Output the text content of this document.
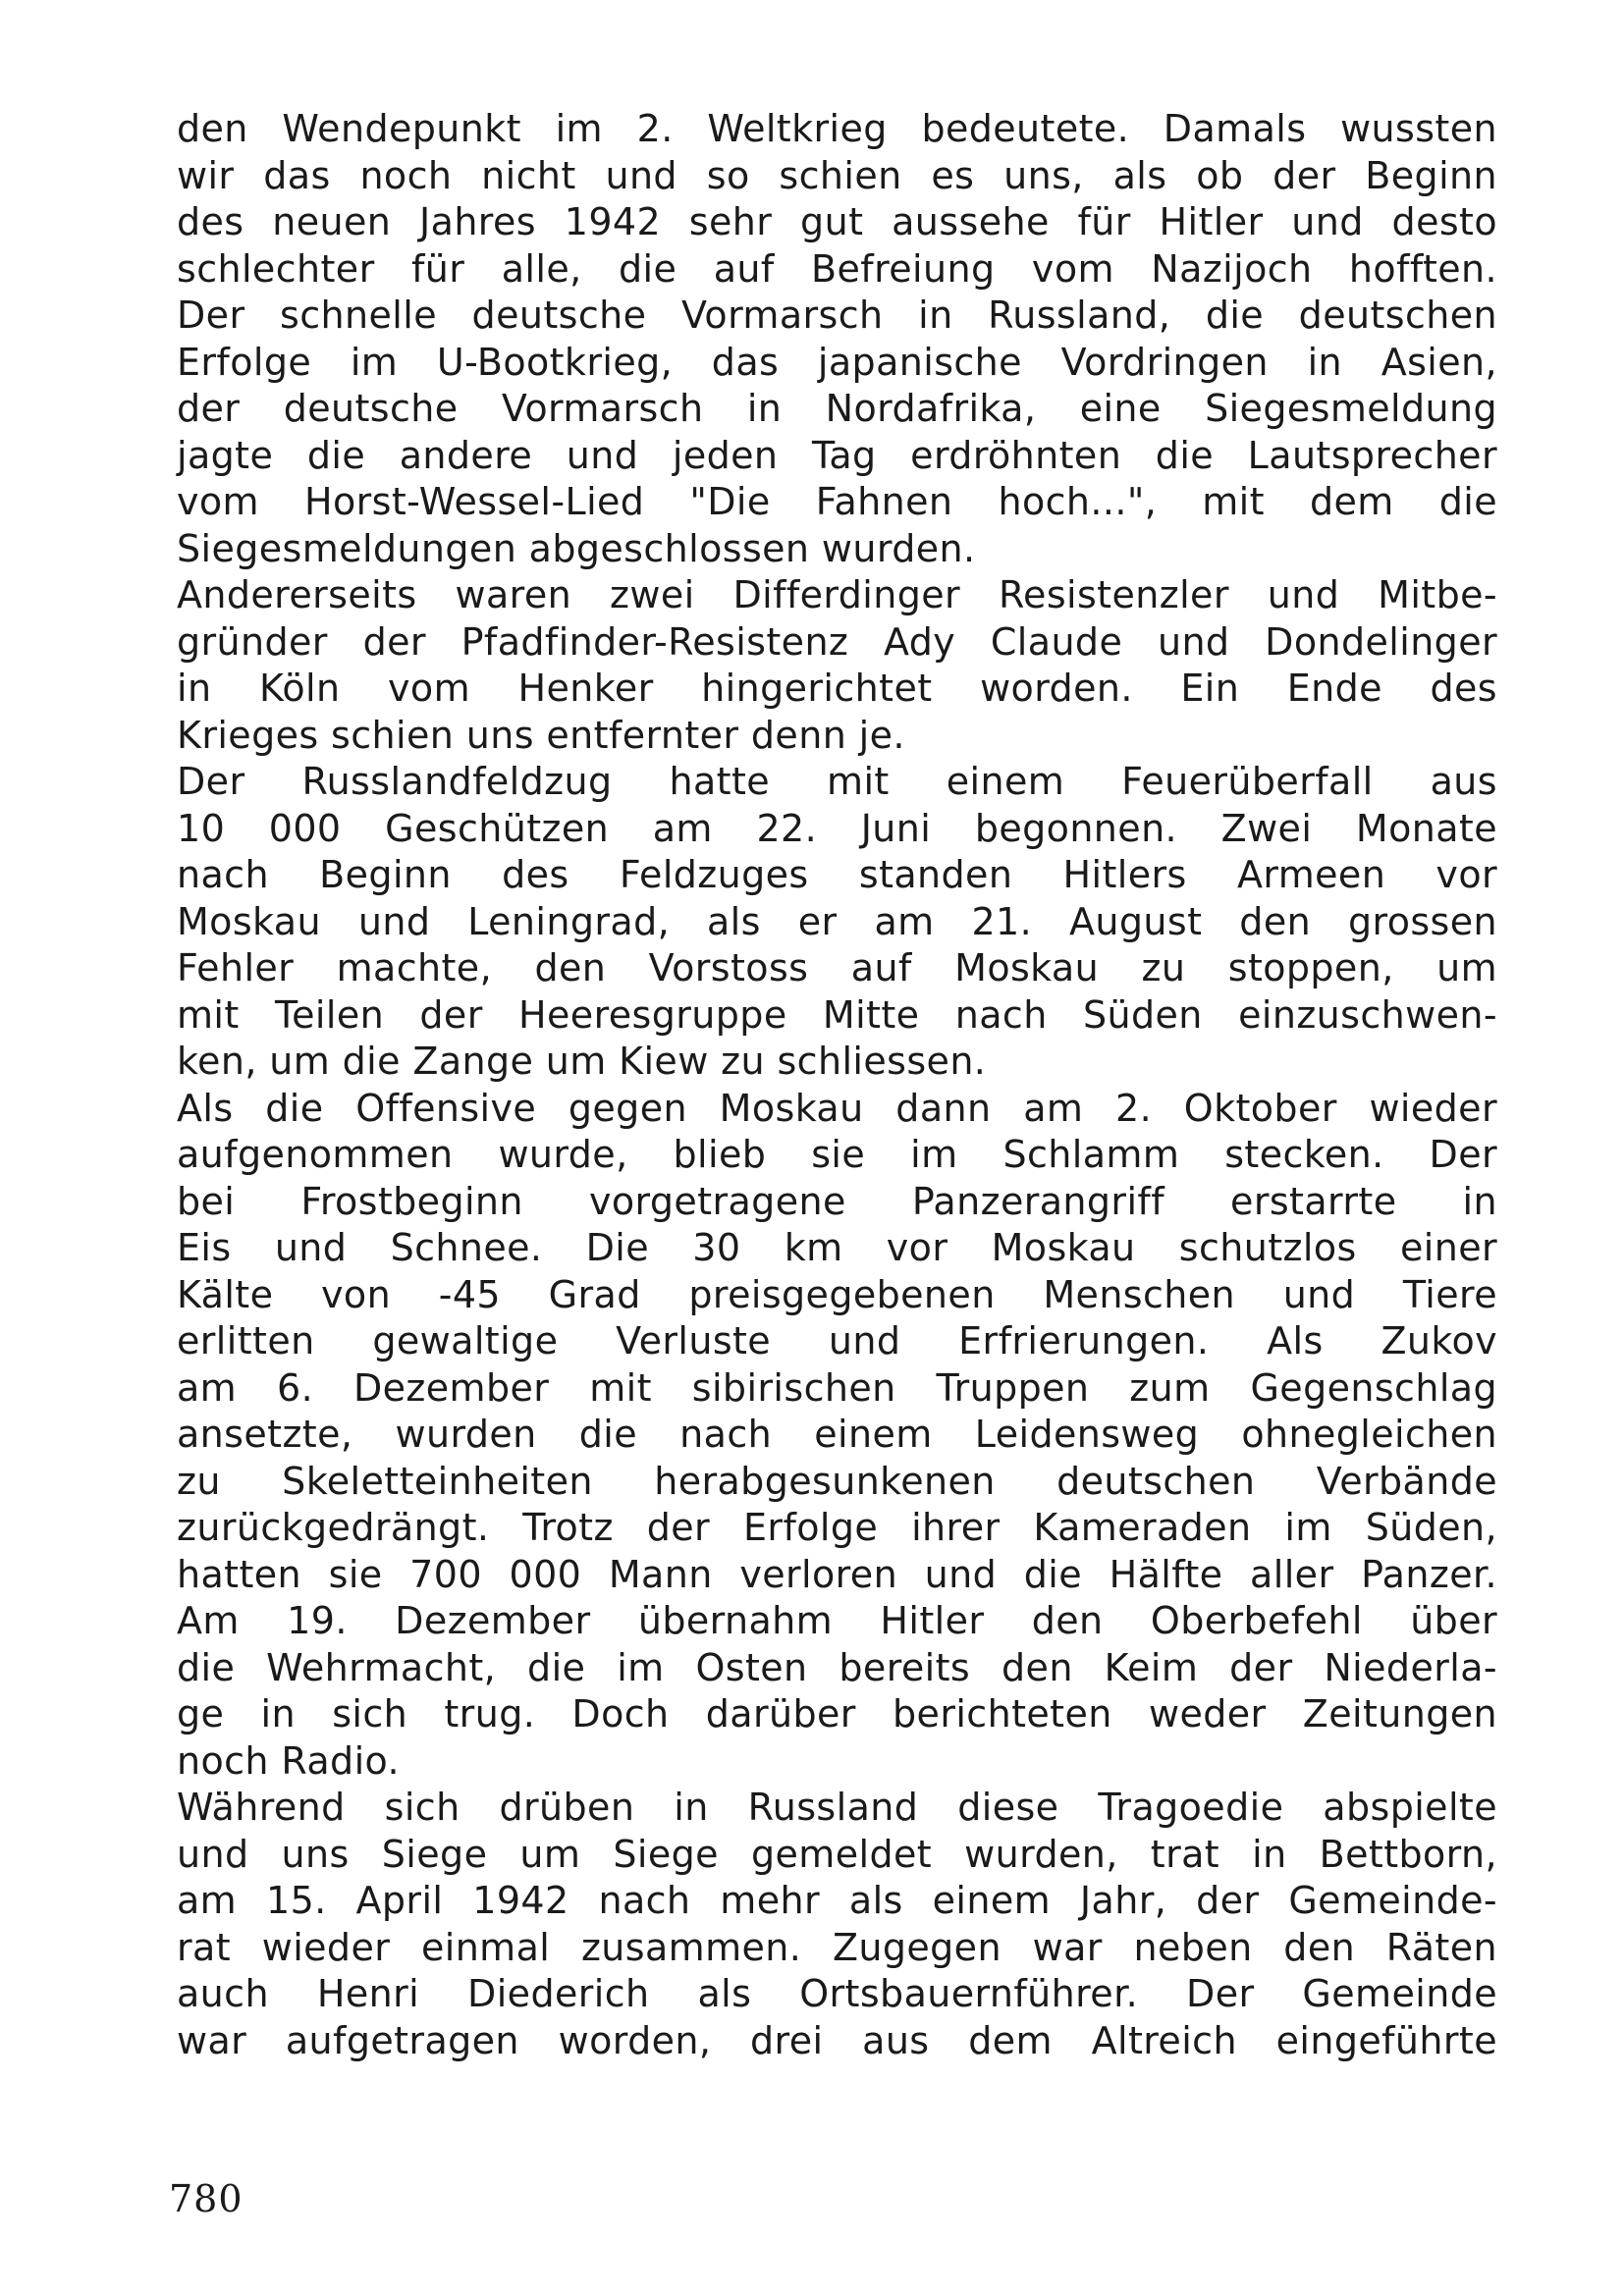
den Wendepunkt im 2. Weltkrieg bedeutete. Damals wussten
wir das noch nicht und so schien es uns, als ob der Beginn
des neuen Jahres 1942 sehr gut aussehe für Hitler und desto
schlechter für alle, die auf Befreiung vom Nazijoch hofften.
Der schnelle deutsche Vormarsch in Russland, die deutschen
Erfolge im U-Bootkrieg, das japanische Vordringen in Asien,
der deutsche Vormarsch in Nordafrika, eine Siegesmeldung
jagte die andere und jeden Tag erdröhnten die Lautsprecher
vom Horst-Wessel-Lied "Die Fahnen hoch...", mit dem die
Siegesmeldungen abgeschlossen wurden.
Andererseits waren zwei Differdinger Resistenzler und Mitbe-
gründer der Pfadfinder-Resistenz Ady Claude und Dondelinger
in Köln vom Henker hingerichtet worden. Ein Ende des
Krieges schien uns entfernter denn je.
Der Russlandfeldzug hatte mit einem Feuerüberfall aus
10 000 Geschützen am 22. Juni begonnen. Zwei Monate
nach Beginn des Feldzuges standen Hitlers Armeen vor
Moskau und Leningrad, als er am 21. August den grossen
Fehler machte, den Vorstoss auf Moskau zu stoppen, um
mit Teilen der Heeresgruppe Mitte nach Süden einzuschwen-
ken, um die Zange um Kiew zu schliessen.
Als die Offensive gegen Moskau dann am 2. Oktober wieder
aufgenommen wurde, blieb sie im Schlamm stecken. Der
bei Frostbeginn vorgetragene Panzerangriff erstarrte in
Eis und Schnee. Die 30 km vor Moskau schutzlos einer
Kälte von -45 Grad preisgegebenen Menschen und Tiere
erlitten gewaltige Verluste und Erfrierungen. Als Zukov
am 6. Dezember mit sibirischen Truppen zum Gegenschlag
ansetzte, wurden die nach einem Leidensweg ohnegleichen
zu Skeletteinheiten herabgesunkenen deutschen Verbände
zurückgedrängt. Trotz der Erfolge ihrer Kameraden im Süden,
hatten sie 700 000 Mann verloren und die Hälfte aller Panzer.
Am 19. Dezember übernahm Hitler den Oberbefehl über
die Wehrmacht, die im Osten bereits den Keim der Niederla-
ge in sich trug. Doch darüber berichteten weder Zeitungen
noch Radio.
Während sich drüben in Russland diese Tragoedie abspielte
und uns Siege um Siege gemeldet wurden, trat in Bettborn,
am 15. April 1942 nach mehr als einem Jahr, der Gemeinde-
rat wieder einmal zusammen. Zugegen war neben den Räten
auch Henri Diederich als Ortsbauernführer. Der Gemeinde
war aufgetragen worden, drei aus dem Altreich eingeführte
780
